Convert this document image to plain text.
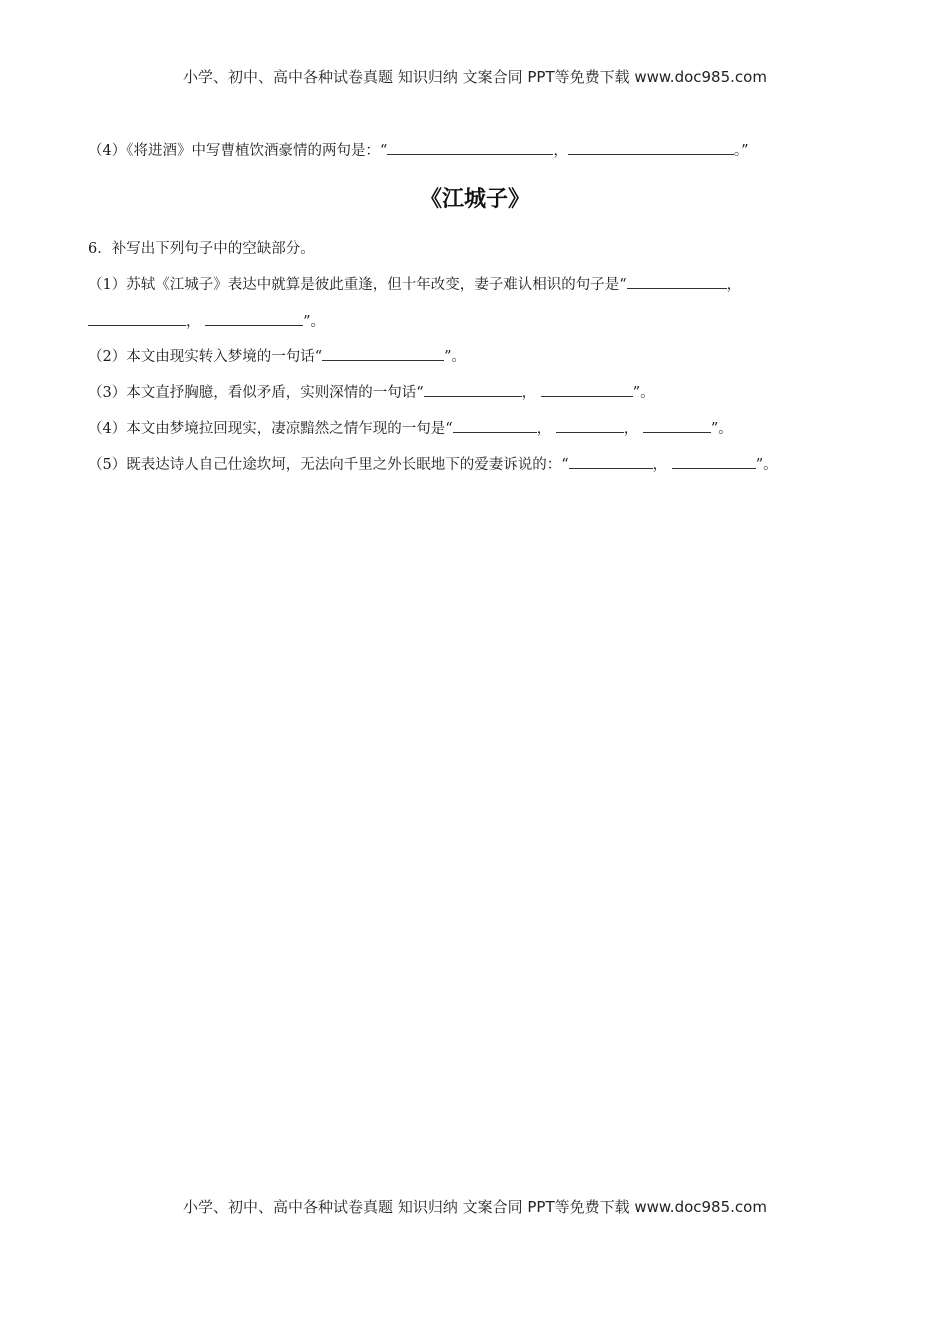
小学、初中、高中各种试卷真题 知识归纳 文案合同 PPT等免费下载 www.doc985.com
（4）《将进酒》中写曹植饮酒豪情的两句是：“	，	。”
《江城子》
6．补写出下列句子中的空缺部分。
（1）苏轼《江城子》表达中就算是彼此重逢，但十年改变，妻子难认相识的句子是“	，
，	”。
（2）本文由现实转入梦境的一句话“	”。
（3）本文直抒胸臆，看似矛盾，实则深情的一句话“	，	”。
（4）本文由梦境拉回现实，凄凉黯然之情乍现的一句是“	，	，	”。
（5）既表达诗人自己仕途坎坷，无法向千里之外长眠地下的爱妻诉说的：“	，	”。
小学、初中、高中各种试卷真题 知识归纳 文案合同 PPT等免费下载 www.doc985.com
